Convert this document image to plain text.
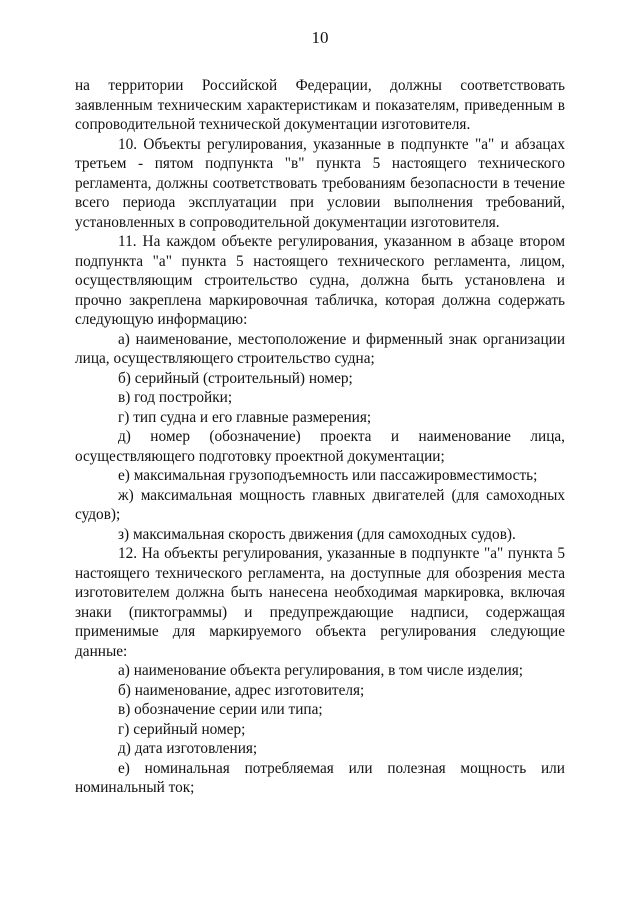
10

на территории Российской Федерации, должны соответствовать заявленным техническим характеристикам и показателям, приведенным в сопроводительной технической документации изготовителя.

10. Объекты регулирования, указанные в подпункте "а" и абзацах третьем - пятом подпункта "в" пункта 5 настоящего технического регламента, должны соответствовать требованиям безопасности в течение всего периода эксплуатации при условии выполнения требований, установленных в сопроводительной документации изготовителя.

11. На каждом объекте регулирования, указанном в абзаце втором подпункта "а" пункта 5 настоящего технического регламента, лицом, осуществляющим строительство судна, должна быть установлена и прочно закреплена маркировочная табличка, которая должна содержать следующую информацию:

а) наименование, местоположение и фирменный знак организации лица, осуществляющего строительство судна;

б) серийный (строительный) номер;

в) год постройки;

г) тип судна и его главные размерения;

д) номер (обозначение) проекта и наименование лица, осуществляющего подготовку проектной документации;

е) максимальная грузоподъемность или пассажировместимость;

ж) максимальная мощность главных двигателей (для самоходных судов);

з) максимальная скорость движения (для самоходных судов).

12. На объекты регулирования, указанные в подпункте "а" пункта 5 настоящего технического регламента, на доступные для обозрения места изготовителем должна быть нанесена необходимая маркировка, включая знаки (пиктограммы) и предупреждающие надписи, содержащая применимые для маркируемого объекта регулирования следующие данные:

а) наименование объекта регулирования, в том числе изделия;

б) наименование, адрес изготовителя;

в) обозначение серии или типа;

г) серийный номер;

д) дата изготовления;

е) номинальная потребляемая или полезная мощность или номинальный ток;
